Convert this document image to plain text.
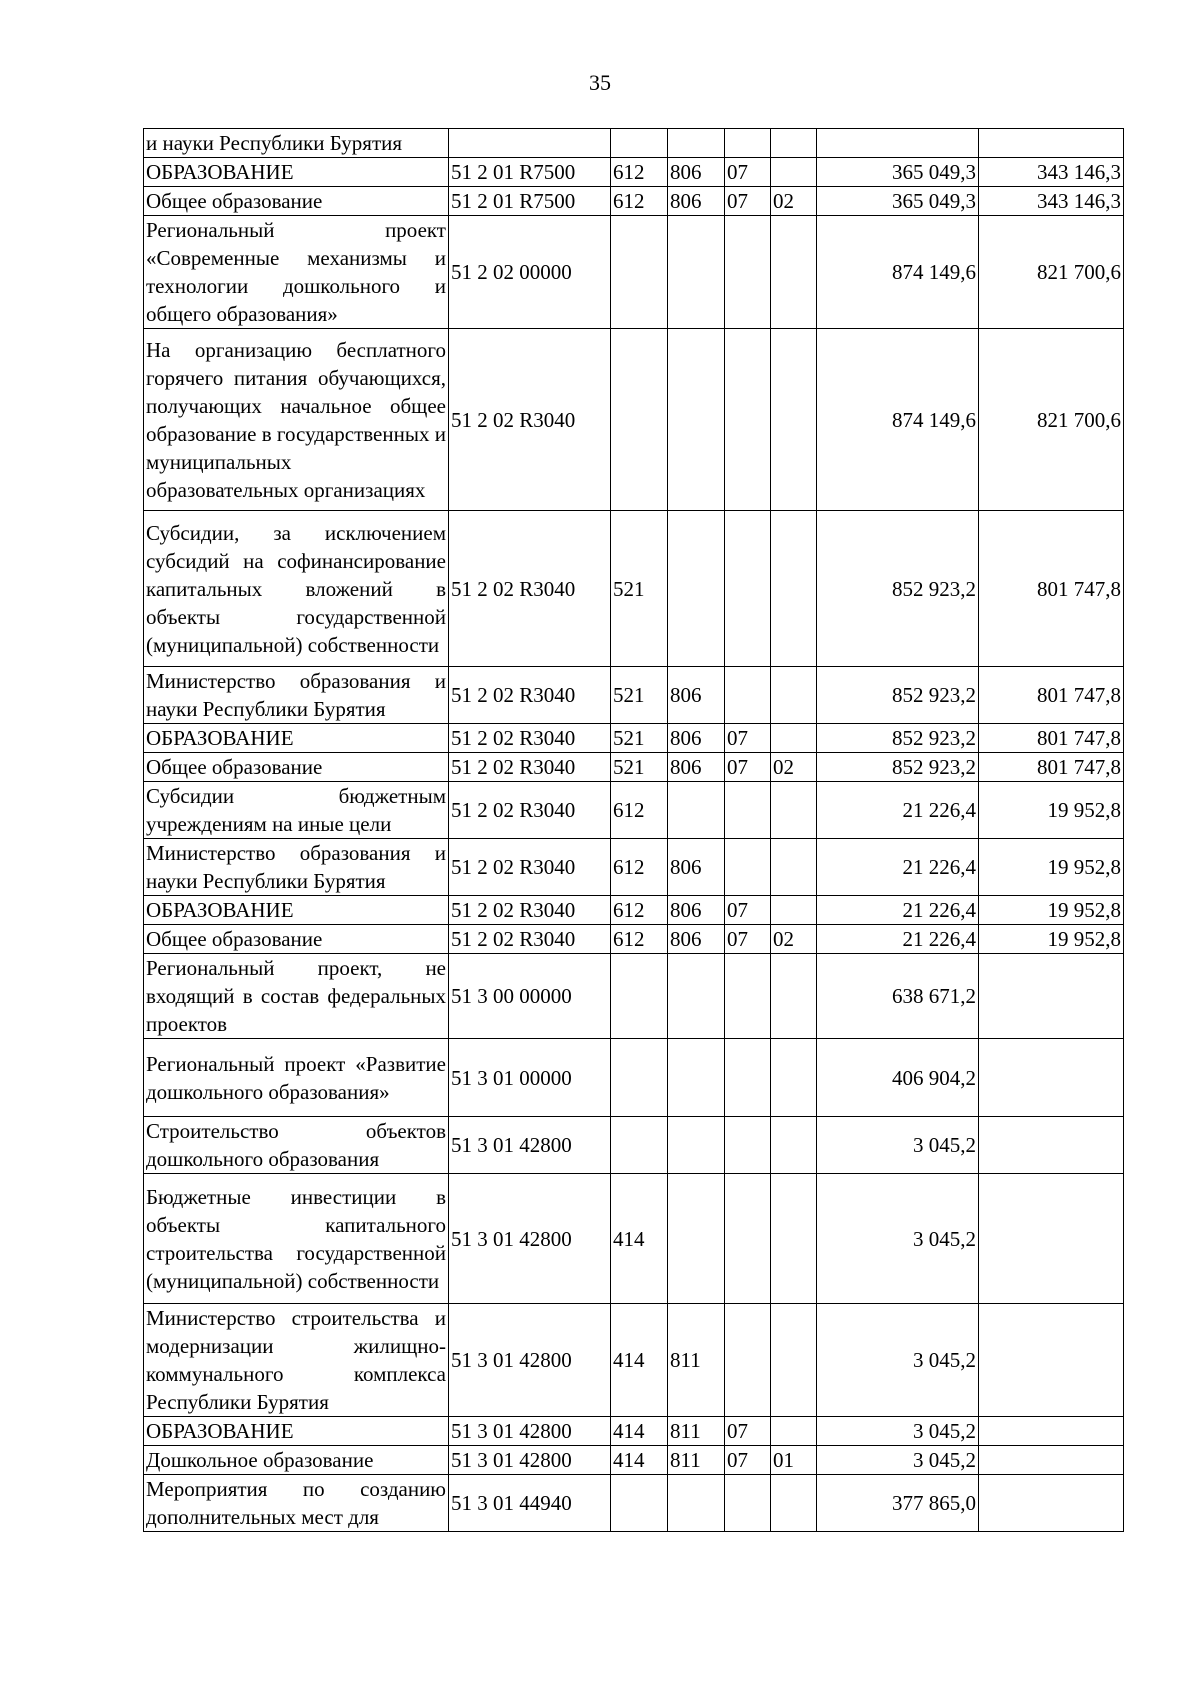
35
и науки Республики Бурятия							
ОБРАЗОВАНИЕ	51 2 01 R7500	612	806	07		365 049,3	343 146,3
Общее образование	51 2 01 R7500	612	806	07	02	365 049,3	343 146,3
Региональный проект «Современные механизмы и технологии дошкольного и общего образования»	51 2 02 00000					874 149,6	821 700,6
На организацию бесплатного горячего питания обучающихся, получающих начальное общее образование в государственных и муниципальных образовательных организациях	51 2 02 R3040					874 149,6	821 700,6
Субсидии, за исключением субсидий на софинансирование капитальных вложений в объекты государственной (муниципальной) собственности	51 2 02 R3040	521				852 923,2	801 747,8
Министерство образования и науки Республики Бурятия	51 2 02 R3040	521	806			852 923,2	801 747,8
ОБРАЗОВАНИЕ	51 2 02 R3040	521	806	07		852 923,2	801 747,8
Общее образование	51 2 02 R3040	521	806	07	02	852 923,2	801 747,8
Субсидии бюджетным учреждениям на иные цели	51 2 02 R3040	612				21 226,4	19 952,8
Министерство образования и науки Республики Бурятия	51 2 02 R3040	612	806			21 226,4	19 952,8
ОБРАЗОВАНИЕ	51 2 02 R3040	612	806	07		21 226,4	19 952,8
Общее образование	51 2 02 R3040	612	806	07	02	21 226,4	19 952,8
Региональный проект, не входящий в состав федеральных проектов	51 3 00 00000					638 671,2	
Региональный проект «Развитие дошкольного образования»	51 3 01 00000					406 904,2	
Строительство объектов дошкольного образования	51 3 01 42800					3 045,2	
Бюджетные инвестиции в объекты капитального строительства государственной (муниципальной) собственности	51 3 01 42800	414				3 045,2	
Министерство строительства и модернизации жилищно-коммунального комплекса Республики Бурятия	51 3 01 42800	414	811			3 045,2	
ОБРАЗОВАНИЕ	51 3 01 42800	414	811	07		3 045,2	
Дошкольное образование	51 3 01 42800	414	811	07	01	3 045,2	
Мероприятия по созданию дополнительных мест для	51 3 01 44940					377 865,0	
